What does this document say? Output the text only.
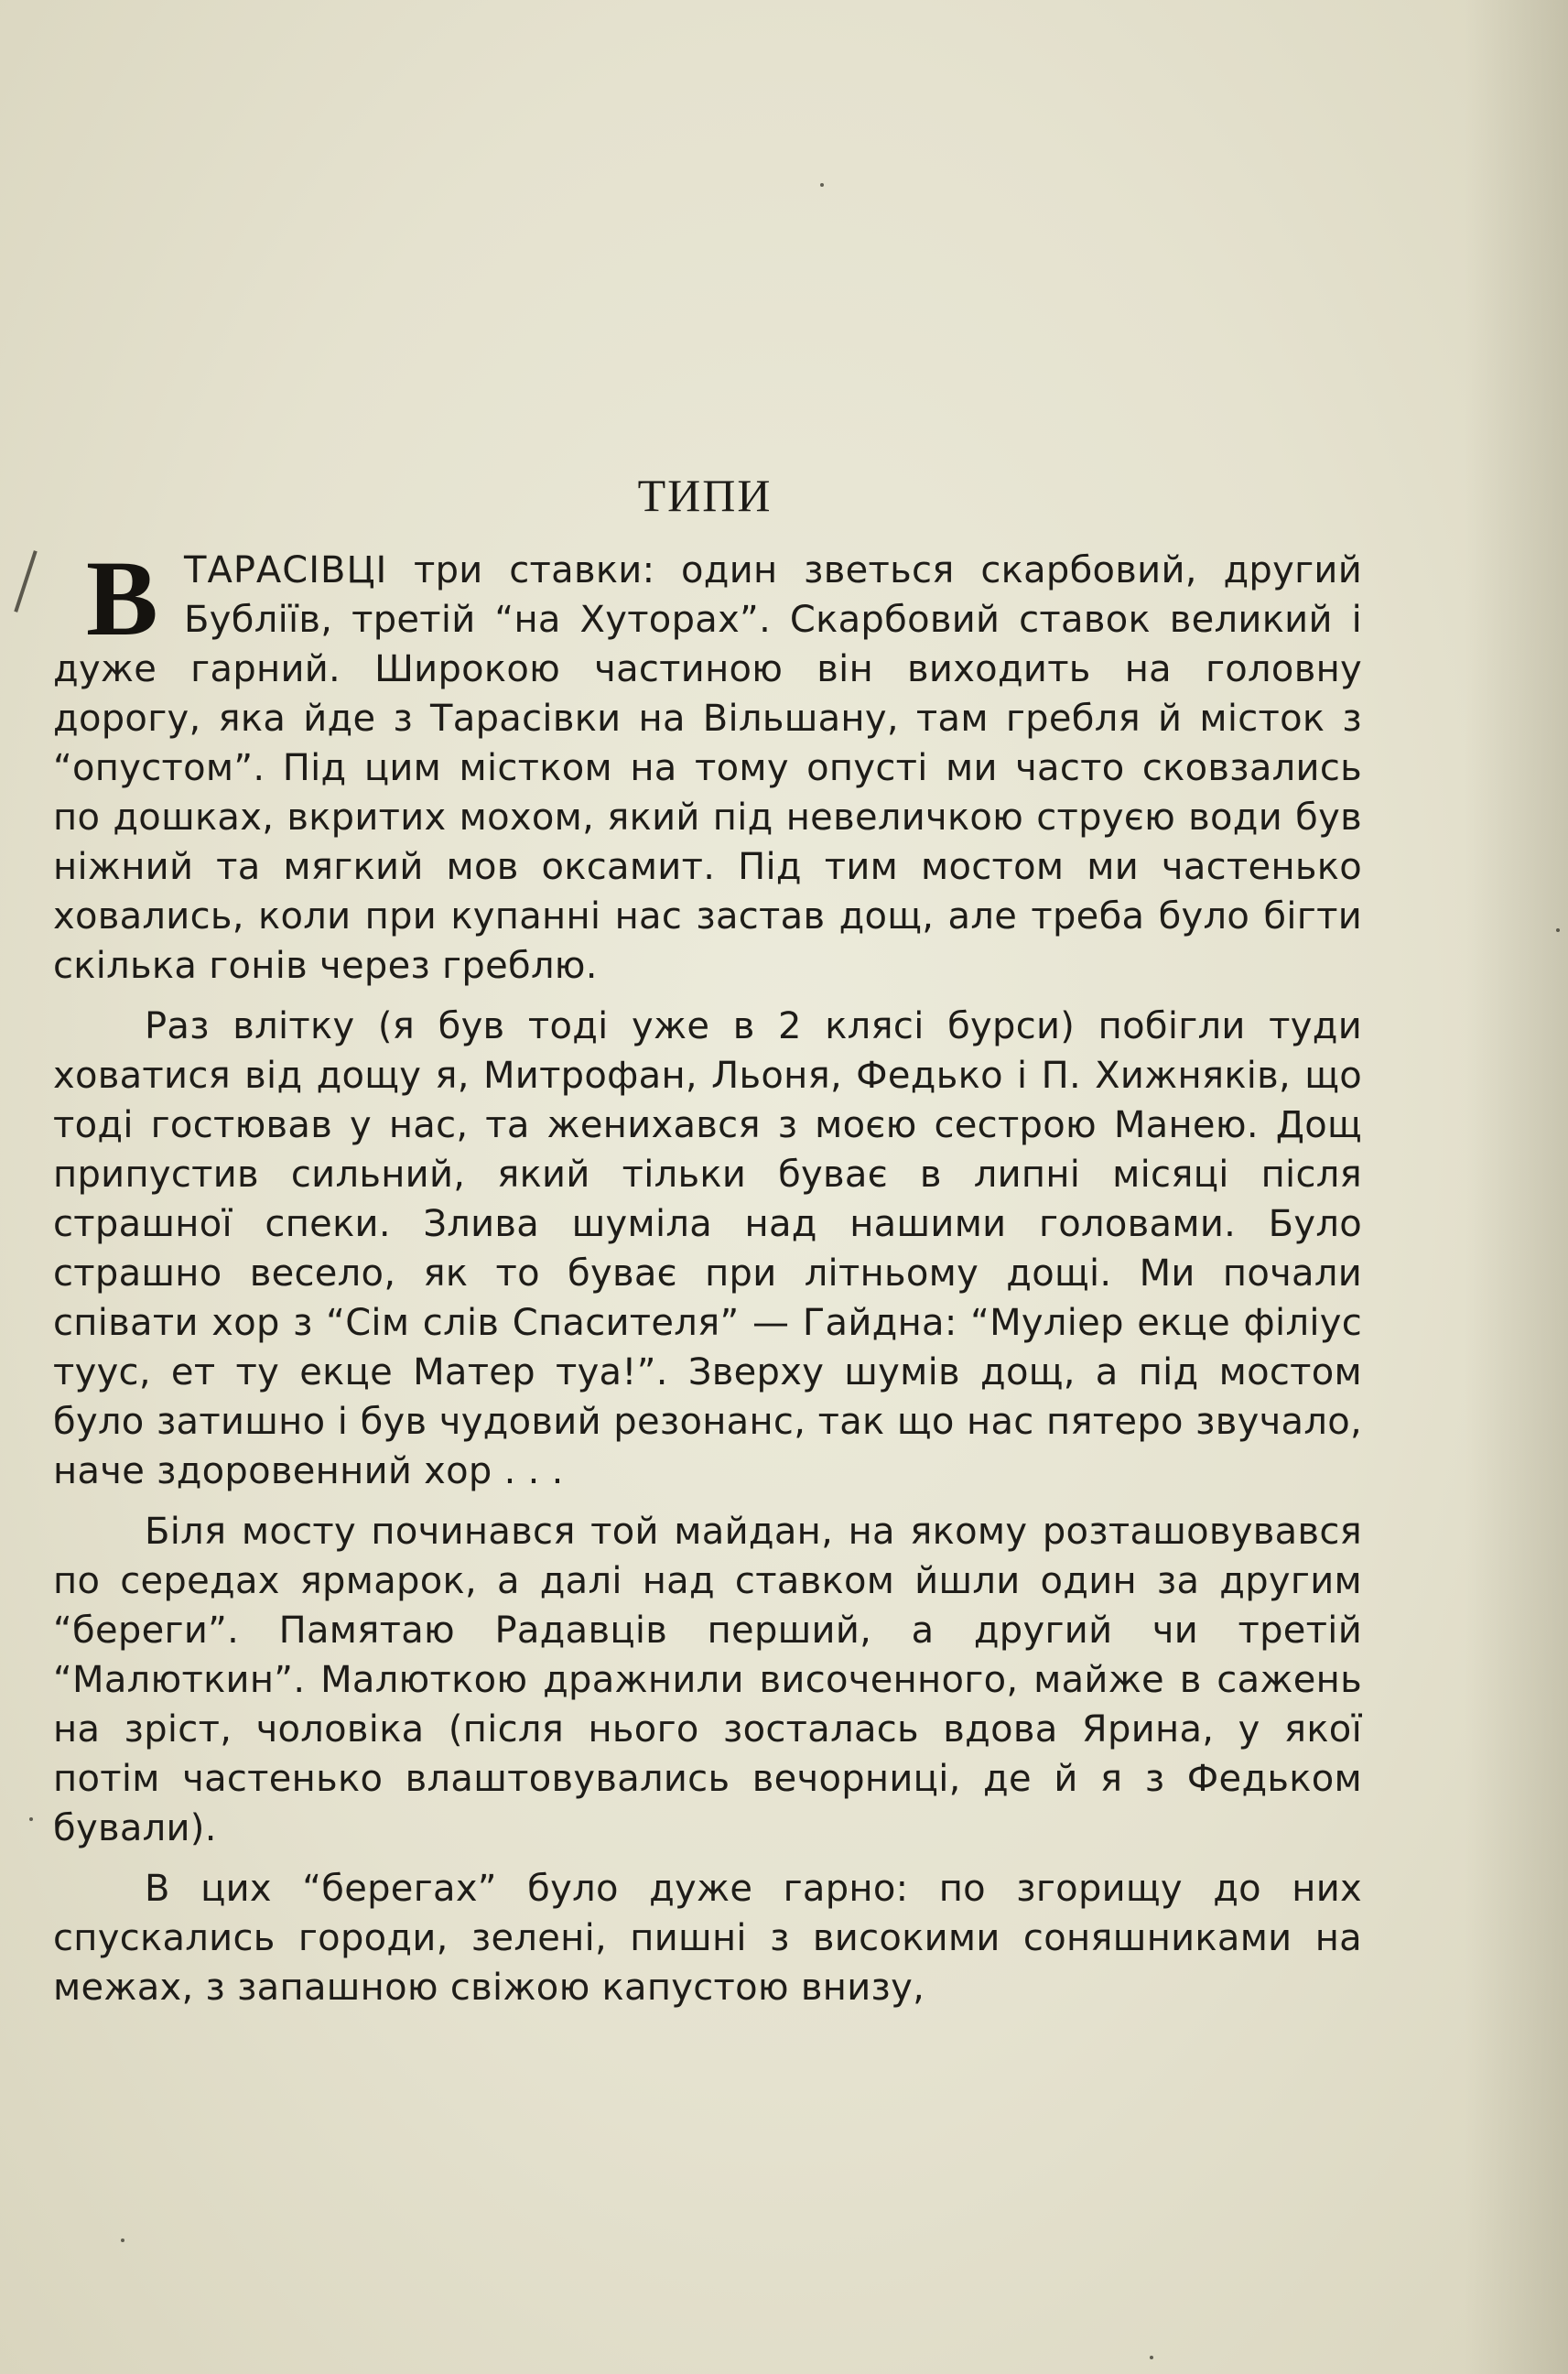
ТИПИ

ВТАРАСІВЦІ три ставки: один зветься скарбовий, другий Бубліїв, третій “на Хуторах”. Скарбовий ставок великий і дуже гарний. Широкою частиною він виходить на головну дорогу, яка йде з Тарасівки на Вільшану, там гребля й місток з “опустом”. Під цим містком на тому опусті ми часто сковзались по дошках, вкритих мохом, який під невеличкою струєю води був ніжний та мягкий мов оксамит. Під тим мостом ми частенько ховались, коли при купанні нас застав дощ, але треба було бігти скілька гонів через греблю.

Раз влітку (я був тоді уже в 2 клясі бурси) побігли туди ховатися від дощу я, Митрофан, Льоня, Федько і П. Хижняків, що тоді гостював у нас, та женихався з моєю сестрою Манею. Дощ припустив сильний, який тільки буває в липні місяці після страшної спеки. Злива шуміла над нашими головами. Було страшно весело, як то буває при літньому дощі. Ми почали співати хор з “Сім слів Спасителя” — Гайдна: “Муліер екце філіус туус, ет ту екце Матер туа!”. Зверху шумів дощ, а під мостом було затишно і був чудовий резонанс, так що нас пятеро звучало, наче здоровенний хор . . .

Біля мосту починався той майдан, на якому розташовувався по середах ярмарок, а далі над ставком йшли один за другим “береги”. Памятаю Радавців перший, а другий чи третій “Малюткин”. Малюткою дражнили височенного, майже в сажень на зріст, чоловіка (після нього зосталась вдова Ярина, у якої потім частенько влаштовувались вечорниці, де й я з Федьком бували).

В цих “берегах” було дуже гарно: по згорищу до них спускались городи, зелені, пишні з високими соняшниками на межах, з запашною свіжою капустою внизу,
